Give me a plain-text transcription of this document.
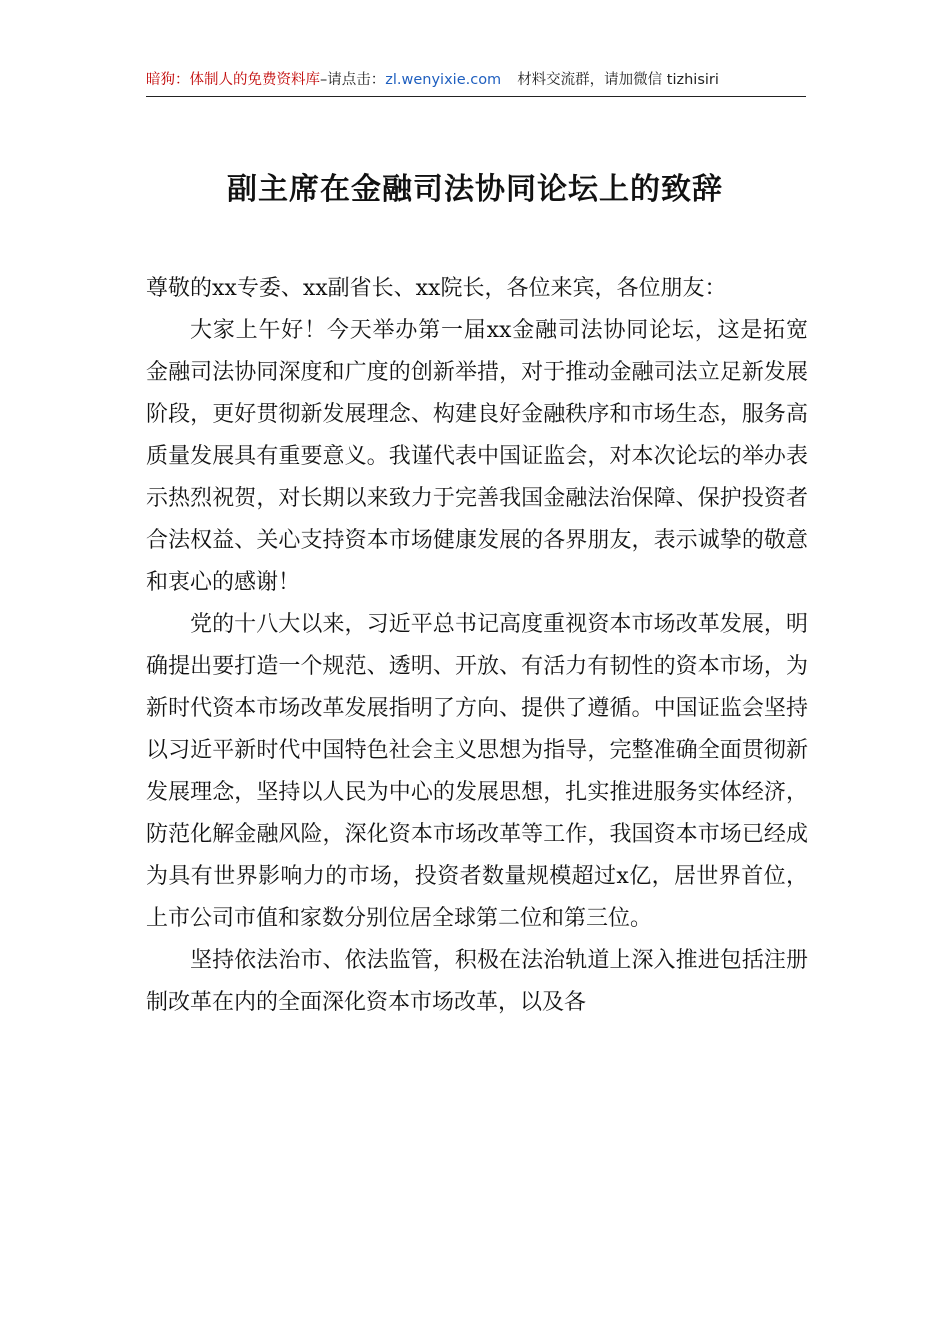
暗狗：体制人的免费资料库–请点击：zl.wenyixie.com 材料交流群，请加微信 tizhisiri
副主席在金融司法协同论坛上的致辞

尊敬的xx专委、xx副省长、xx院长，各位来宾，各位朋友：

大家上午好！今天举办第一届xx金融司法协同论坛，这是拓宽金融司法协同深度和广度的创新举措，对于推动金融司法立足新发展阶段，更好贯彻新发展理念、构建良好金融秩序和市场生态，服务高质量发展具有重要意义。我谨代表中国证监会，对本次论坛的举办表示热烈祝贺，对长期以来致力于完善我国金融法治保障、保护投资者合法权益、关心支持资本市场健康发展的各界朋友，表示诚挚的敬意和衷心的感谢！

党的十八大以来，习近平总书记高度重视资本市场改革发展，明确提出要打造一个规范、透明、开放、有活力有韧性的资本市场，为新时代资本市场改革发展指明了方向、提供了遵循。中国证监会坚持以习近平新时代中国特色社会主义思想为指导，完整准确全面贯彻新发展理念，坚持以人民为中心的发展思想，扎实推进服务实体经济，防范化解金融风险，深化资本市场改革等工作，我国资本市场已经成为具有世界影响力的市场，投资者数量规模超过x亿，居世界首位，上市公司市值和家数分别位居全球第二位和第三位。

坚持依法治市、依法监管，积极在法治轨道上深入推进包括注册制改革在内的全面深化资本市场改革，以及各
